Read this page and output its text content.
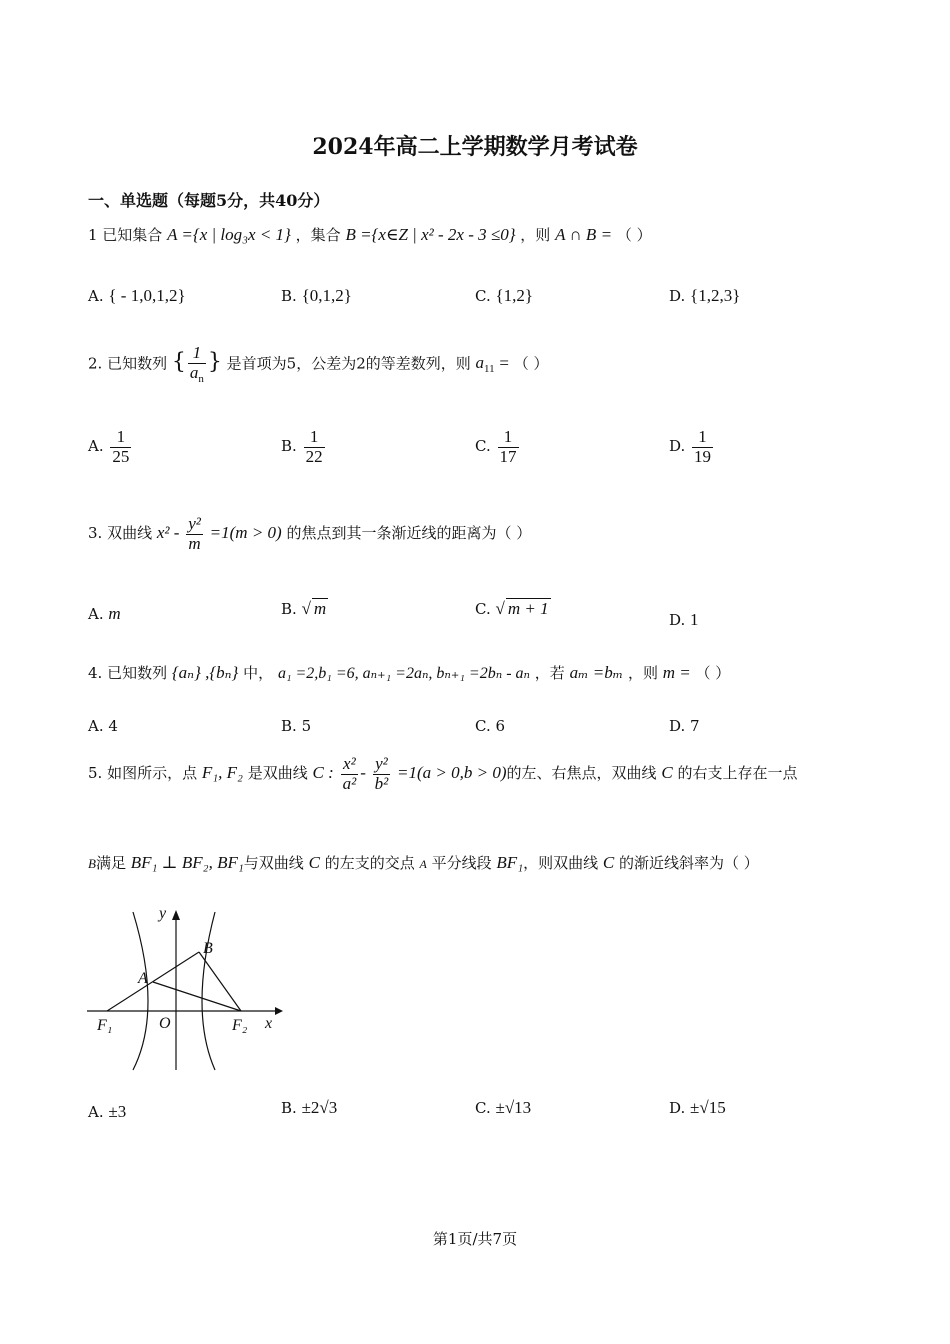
2024年高二上学期数学月考试卷
一、单选题（每题5分，共40分）
1 已知集合 A ={x | log₃x < 1} ，集合 B ={x∈Z | x² - 2x - 3 ≤0} ，则 A ∩ B = （ ）
A. { - 1,0,1,2}	B. {0,1,2}	C. {1,2}	D. {1,2,3}
2. 已知数列 { $\frac{1}{a_n}$ } 是首项为5，公差为2的等差数列，则 $a_{11}$ = （ ）
A. $\frac{1}{25}$	B. $\frac{1}{22}$	C. $\frac{1}{17}$	D. $\frac{1}{19}$
3. 双曲线 $x^2 - \frac{\text{y²}}{m} =1(m > 0)$ 的焦点到其一条渐近线的距离为（ ）
A. m	B. √ m	C. √ m + 1
D. 1
4. 已知数列 {aₙ} ,{bₙ} 中， a₁ =2,b₁ =6, aₙ₊₁ =2aₙ, bₙ₊₁ =2bₙ - aₙ ，若 aₘ =bₘ ，则 m = （ ）
A. 4	B. 5	C. 6	D. 7
5. 如图所示，点 F₁, F₂ 是双曲线 C : $\frac{\text{x²}}{\text{a²}} - \frac{\text{y²}}{\text{b²}} =1(a > 0,b > 0)$的左、右焦点，双曲线 C 的右支上存在一点
B满足 BF₁ ⊥ BF₂, BF₁与双曲线 C 的左支的交点 A 平分线段 BF₁，则双曲线 C 的渐近线斜率为（ ）
y
x
B
A
F₁	O	F₂
A. ±3	B. ±2√3	C. ±√13	D. ±√15
第1页/共7页
